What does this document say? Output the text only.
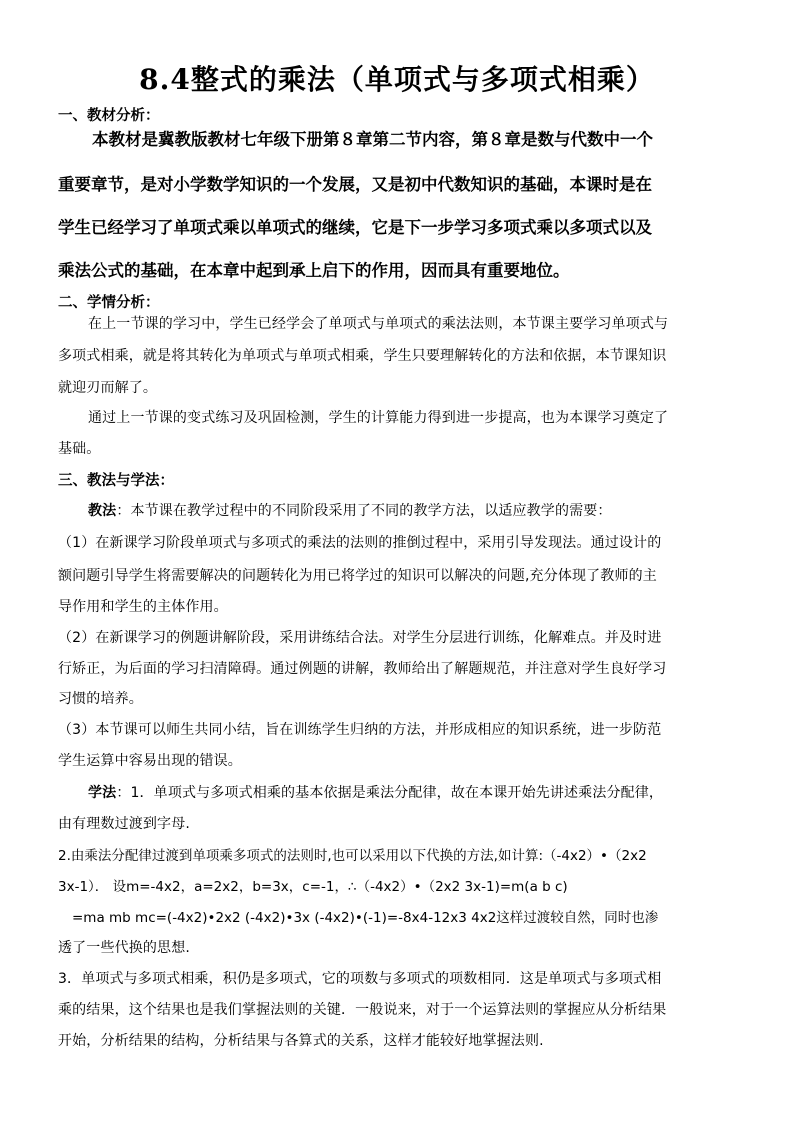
8.4整式的乘法（单项式与多项式相乘）
一、教材分析：
本教材是冀教版教材七年级下册第８章第二节内容，第８章是数与代数中一个
重要章节，是对小学数学知识的一个发展，又是初中代数知识的基础，本课时是在
学生已经学习了单项式乘以单项式的继续，它是下一步学习多项式乘以多项式以及
乘法公式的基础，在本章中起到承上启下的作用，因而具有重要地位。
二、学情分析：
在上一节课的学习中，学生已经学会了单项式与单项式的乘法法则，本节课主要学习单项式与
多项式相乘，就是将其转化为单项式与单项式相乘，学生只要理解转化的方法和依据，本节课知识
就迎刃而解了。
通过上一节课的变式练习及巩固检测，学生的计算能力得到进一步提高，也为本课学习奠定了
基础。
三、教法与学法：
教法：本节课在教学过程中的不同阶段采用了不同的教学方法，以适应教学的需要：
（1）在新课学习阶段单项式与多项式的乘法的法则的推倒过程中，采用引导发现法。通过设计的
额问题引导学生将需要解决的问题转化为用已将学过的知识可以解决的问题,充分体现了教师的主
导作用和学生的主体作用。
（2）在新课学习的例题讲解阶段，采用讲练结合法。对学生分层进行训练，化解难点。并及时进
行矫正，为后面的学习扫清障碍。通过例题的讲解，教师给出了解题规范，并注意对学生良好学习
习惯的培养。
（3）本节课可以师生共同小结，旨在训练学生归纳的方法，并形成相应的知识系统，进一步防范
学生运算中容易出现的错误。
学法：1．单项式与多项式相乘的基本依据是乘法分配律，故在本课开始先讲述乘法分配律，
由有理数过渡到字母.
2.由乘法分配律过渡到单项乘多项式的法则时,也可以采用以下代换的方法,如计算:（-4x2）•（2x2
3x-1）． 设m=-4x2，a=2x2，b=3x，c=-1，∴（-4x2）•（2x2 3x-1)=m(a b c)
=ma mb mc=(-4x2)•2x2 (-4x2)•3x (-4x2)•(-1)=-8x4-12x3 4x2这样过渡较自然，同时也渗
透了一些代换的思想.
3．单项式与多项式相乘，积仍是多项式，它的项数与多项式的项数相同．这是单项式与多项式相
乘的结果，这个结果也是我们掌握法则的关键．一般说来，对于一个运算法则的掌握应从分析结果
开始，分析结果的结构，分析结果与各算式的关系，这样才能较好地掌握法则.
